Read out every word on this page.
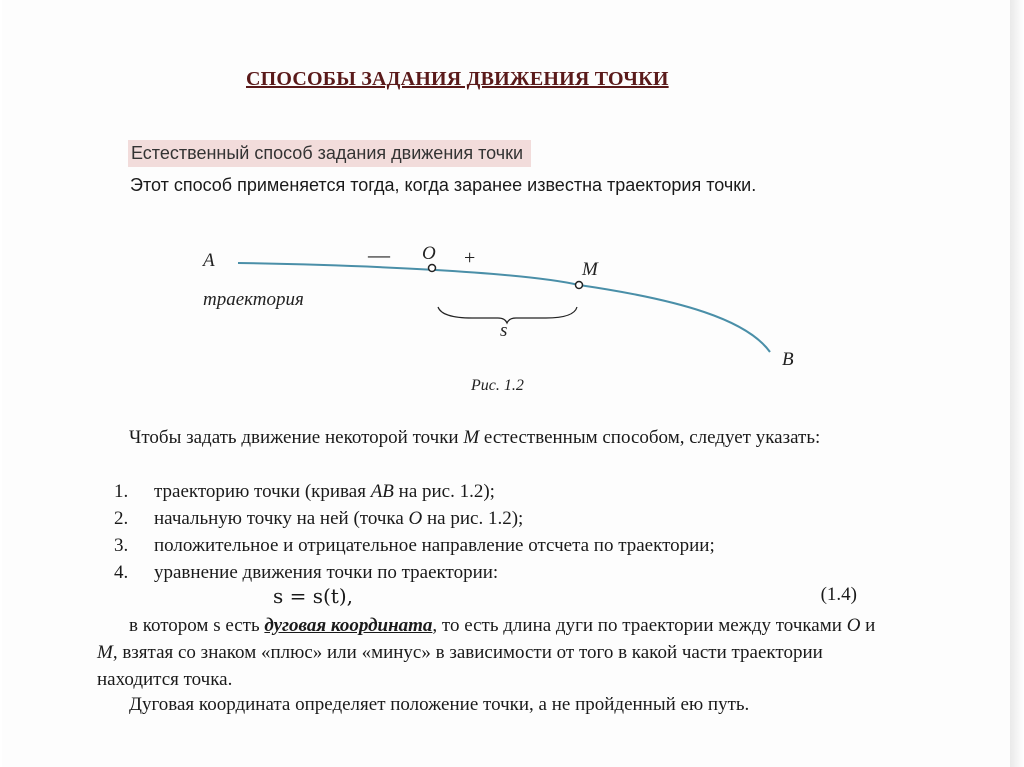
СПОСОБЫ ЗАДАНИЯ ДВИЖЕНИЯ ТОЧКИ
Естественный способ задания движения точки
Этот способ применяется тогда, когда заранее известна траектория точки.
A	— O +
M
траектория
s
B
Рис. 1.2
Чтобы задать движение некоторой точки M естественным способом, следует указать:
1.	траекторию точки (кривая AB на рис. 1.2);
2.	начальную точку на ней (точка O на рис. 1.2);
3.	положительное и отрицательное направление отсчета по траектории;
4.	уравнение движения точки по траектории:
s = s(t),	(1.4)
в котором s есть дуговая координата, то есть длина дуги по траектории между точками O и M, взятая со знаком «плюс» или «минус» в зависимости от того в какой части траектории находится точка.
Дуговая координата определяет положение точки, а не пройденный ею путь.
